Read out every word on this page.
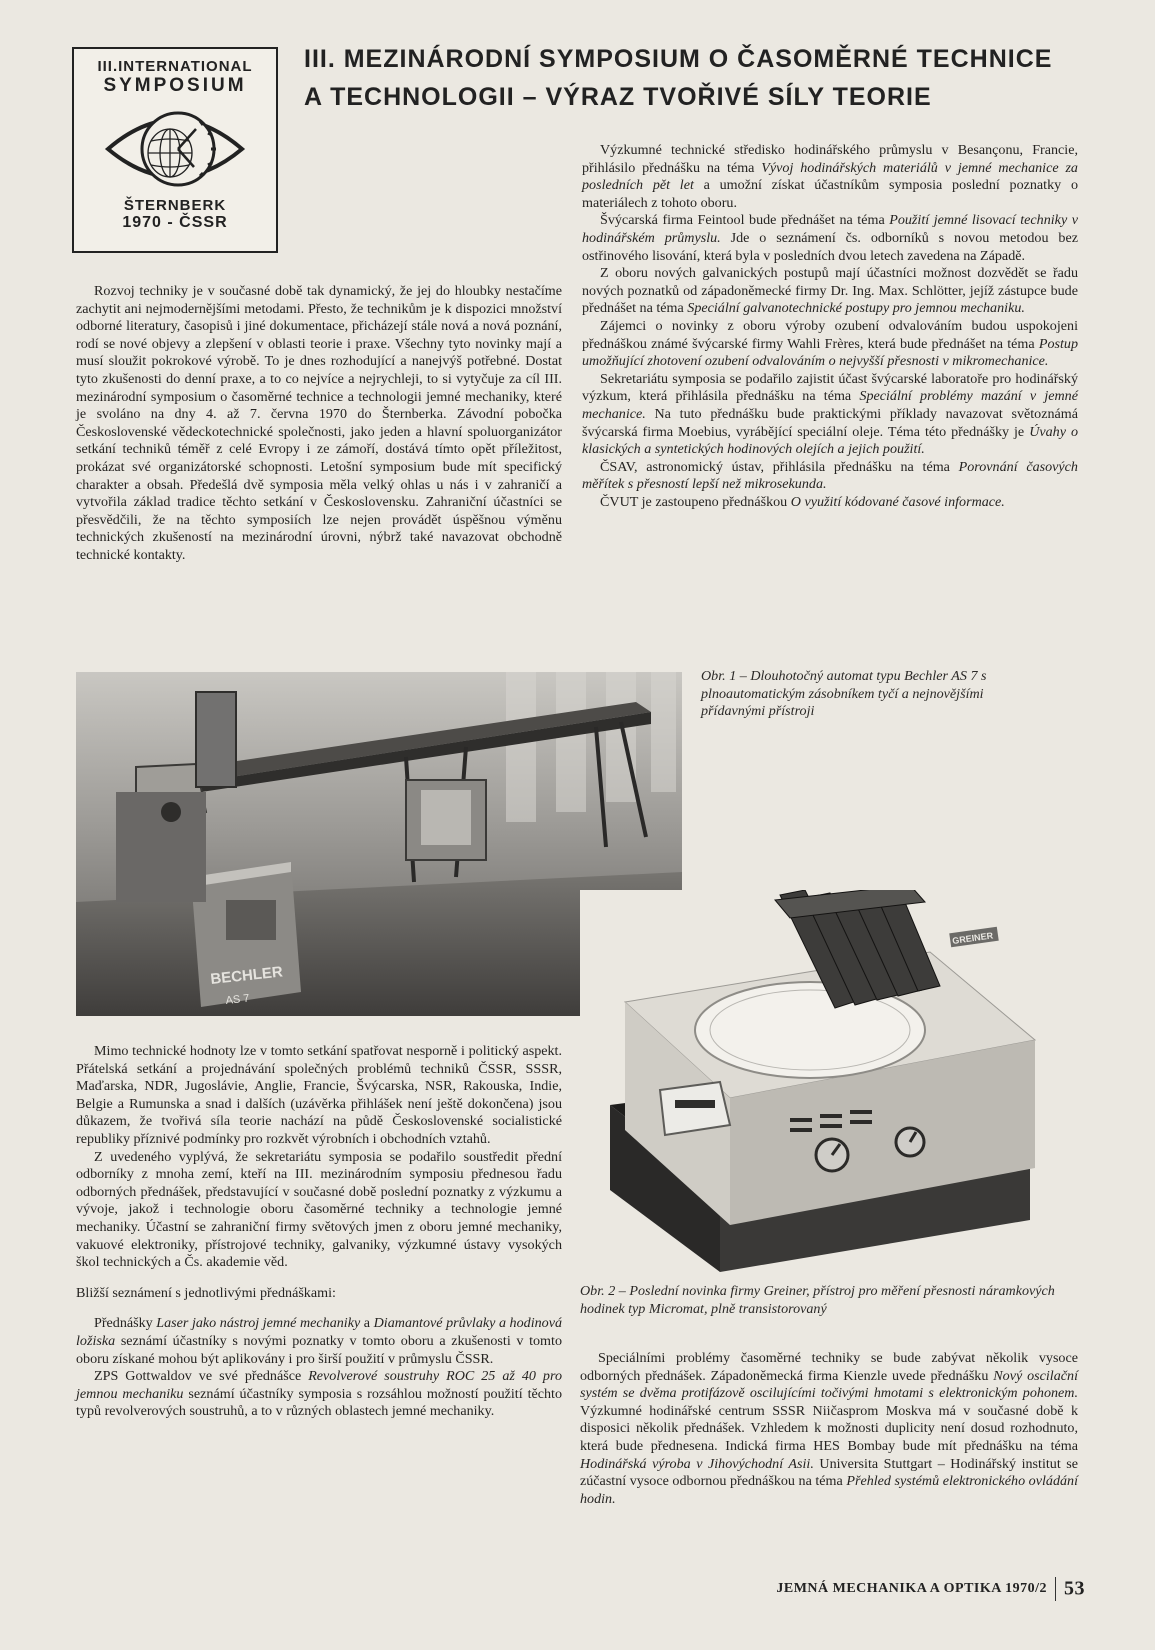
III.INTERNATIONAL
SYMPOSIUM
ŠTERNBERK
1970 - ČSSR
III. MEZINÁRODNÍ SYMPOSIUM O ČASOMĚRNÉ TECHNICE
A TECHNOLOGII – VÝRAZ TVOŘIVÉ SÍLY TEORIE

Rozvoj techniky je v současné době tak dynamický, že jej do hloubky nestačíme zachytit ani nejmodernějšími metodami. Přesto, že technikům je k dispozici množství odborné literatury, časopisů i jiné dokumentace, přicházejí stále nová a nová poznání, rodí se nové objevy a zlepšení v oblasti teorie i praxe. Všechny tyto novinky mají a musí sloužit pokrokové výrobě. To je dnes rozhodující a nanejvýš potřebné. Dostat tyto zkušenosti do denní praxe, a to co nejvíce a nejrychleji, to si vytyčuje za cíl III. mezinárodní symposium o časoměrné technice a technologii jemné mechaniky, které je svoláno na dny 4. až 7. června 1970 do Šternberka. Závodní pobočka Československé vědeckotechnické společnosti, jako jeden a hlavní spoluorganizátor setkání techniků téměř z celé Evropy i ze zámoří, dostává tímto opět příležitost, prokázat své organizátorské schopnosti. Letošní symposium bude mít specifický charakter a obsah. Předešlá dvě symposia měla velký ohlas u nás i v zahraničí a vytvořila základ tradice těchto setkání v Československu. Zahraniční účastníci se přesvědčili, že na těchto symposiích lze nejen provádět úspěšnou výměnu technických zkušeností na mezinárodní úrovni, nýbrž také navazovat obchodně technické kontakty.

Výzkumné technické středisko hodinářského průmyslu v Besançonu, Francie, přihlásilo přednášku na téma Vývoj hodinářských materiálů v jemné mechanice za posledních pět let a umožní získat účastníkům symposia poslední poznatky o materiálech z tohoto oboru.

Švýcarská firma Feintool bude přednášet na téma Použití jemné lisovací techniky v hodinářském průmyslu. Jde o seznámení čs. odborníků s novou metodou bez ostřinového lisování, která byla v posledních dvou letech zavedena na Západě.

Z oboru nových galvanických postupů mají účastníci možnost dozvědět se řadu nových poznatků od západoněmecké firmy Dr. Ing. Max. Schlötter, jejíž zástupce bude přednášet na téma Speciální galvanotechnické postupy pro jemnou mechaniku.

Zájemci o novinky z oboru výroby ozubení odvalováním budou uspokojeni přednáškou známé švýcarské firmy Wahli Frères, která bude přednášet na téma Postup umožňující zhotovení ozubení odvalováním o nejvyšší přesnosti v mikromechanice.

Sekretariátu symposia se podařilo zajistit účast švýcarské laboratoře pro hodinářský výzkum, která přihlásila přednášku na téma Speciální problémy mazání v jemné mechanice. Na tuto přednášku bude praktickými příklady navazovat světoznámá švýcarská firma Moebius, vyrábějící speciální oleje. Téma této přednášky je Úvahy o klasických a syntetických hodinových olejích a jejich použití.

ČSAV, astronomický ústav, přihlásila přednášku na téma Porovnání časových měřítek s přesností lepší než mikrosekunda.

ČVUT je zastoupeno přednáškou O využití kódované časové informace.

BECHLER
AS 7
Obr. 1 – Dlouhotočný automat typu Bechler AS 7 s plnoautomatickým zásobníkem tyčí a nejnovějšími přídavnými přístroji
GREINER
Obr. 2 – Poslední novinka firmy Greiner, přístroj pro měření přesnosti náramkových hodinek typ Micromat, plně transistorovaný

Mimo technické hodnoty lze v tomto setkání spatřovat nesporně i politický aspekt. Přátelská setkání a projednávání společných problémů techniků ČSSR, SSSR, Maďarska, NDR, Jugoslávie, Anglie, Francie, Švýcarska, NSR, Rakouska, Indie, Belgie a Rumunska a snad i dalších (uzávěrka přihlášek není ještě dokončena) jsou důkazem, že tvořivá síla teorie nachází na půdě Československé socialistické republiky příznivé podmínky pro rozkvět výrobních i obchodních vztahů.

Z uvedeného vyplývá, že sekretariátu symposia se podařilo soustředit přední odborníky z mnoha zemí, kteří na III. mezinárodním symposiu přednesou řadu odborných přednášek, představující v současné době poslední poznatky z výzkumu a vývoje, jakož i technologie oboru časoměrné techniky a technologie jemné mechaniky. Účastní se zahraniční firmy světových jmen z oboru jemné mechaniky, vakuové elektroniky, přístrojové techniky, galvaniky, výzkumné ústavy vysokých škol technických a Čs. akademie věd.

Bližší seznámení s jednotlivými přednáškami:

Přednášky Laser jako nástroj jemné mechaniky a Diamantové průvlaky a hodinová ložiska seznámí účastníky s novými poznatky v tomto oboru a zkušenosti v tomto oboru získané mohou být aplikovány i pro širší použití v průmyslu ČSSR.

ZPS Gottwaldov ve své přednášce Revolverové soustruhy ROC 25 až 40 pro jemnou mechaniku seznámí účastníky symposia s rozsáhlou možností použití těchto typů revolverových soustruhů, a to v různých oblastech jemné mechaniky.

Speciálními problémy časoměrné techniky se bude zabývat několik vysoce odborných přednášek. Západoněmecká firma Kienzle uvede přednášku Nový oscilační systém se dvěma protifázově oscilujícími točivými hmotami s elektronickým pohonem. Výzkumné hodinářské centrum SSSR Niičasprom Moskva má v současné době k disposici několik přednášek. Vzhledem k možnosti duplicity není dosud rozhodnuto, která bude přednesena. Indická firma HES Bombay bude mít přednášku na téma Hodinářská výroba v Jihovýchodní Asii. Universita Stuttgart – Hodinářský institut se zúčastní vysoce odbornou přednáškou na téma Přehled systémů elektronického ovládání hodin.

JEMNÁ MECHANIKA A OPTIKA 1970/2 53
